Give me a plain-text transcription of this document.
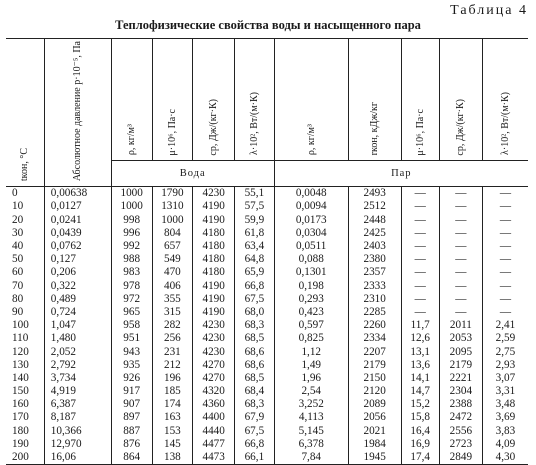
Таблица 4
Теплофизические свойства воды и насыщенного пара
tкон, °C	Абсолютное давление p·10⁻⁵, Па	ρ, кг/м³	μ·10⁶, Па·с	cp, Дж/(кг·К)	λ·10², Вт/(м·К)	ρ, кг/м³	rкон, кДж/кг	μ·10⁶, Па·с	cp, Дж/(кг·К)	λ·10², Вт/(м·К)
		Вода				Пар				
0	0,00638	1000	1790	4230	55,1	0,0048	2493	—	—	—
10	0,0127	1000	1310	4190	57,5	0,0094	2512	—	—	—
20	0,0241	998	1000	4190	59,9	0,0173	2448	—	—	—
30	0,0439	996	804	4180	61,8	0,0304	2425	—	—	—
40	0,0762	992	657	4180	63,4	0,0511	2403	—	—	—
50	0,127	988	549	4180	64,8	0,088	2380	—	—	—
60	0,206	983	470	4180	65,9	0,1301	2357	—	—	—
70	0,322	978	406	4190	66,8	0,198	2333	—	—	—
80	0,489	972	355	4190	67,5	0,293	2310	—	—	—
90	0,724	965	315	4190	68,0	0,423	2285	—	—	—
100	1,047	958	282	4230	68,3	0,597	2260	11,7	2011	2,41
110	1,480	951	256	4230	68,5	0,825	2334	12,6	2053	2,59
120	2,052	943	231	4230	68,6	1,12	2207	13,1	2095	2,75
130	2,792	935	212	4270	68,6	1,49	2179	13,6	2179	2,93
140	3,734	926	196	4270	68,5	1,96	2150	14,1	2221	3,07
150	4,919	917	185	4320	68,4	2,54	2120	14,7	2304	3,31
160	6,387	907	174	4360	68,3	3,252	2089	15,2	2388	3,48
170	8,187	897	163	4400	67,9	4,113	2056	15,8	2472	3,69
180	10,366	887	153	4440	67,5	5,145	2021	16,4	2556	3,83
190	12,970	876	145	4477	66,8	6,378	1984	16,9	2723	4,09
200	16,06	864	138	4473	66,1	7,84	1945	17,4	2849	4,30
